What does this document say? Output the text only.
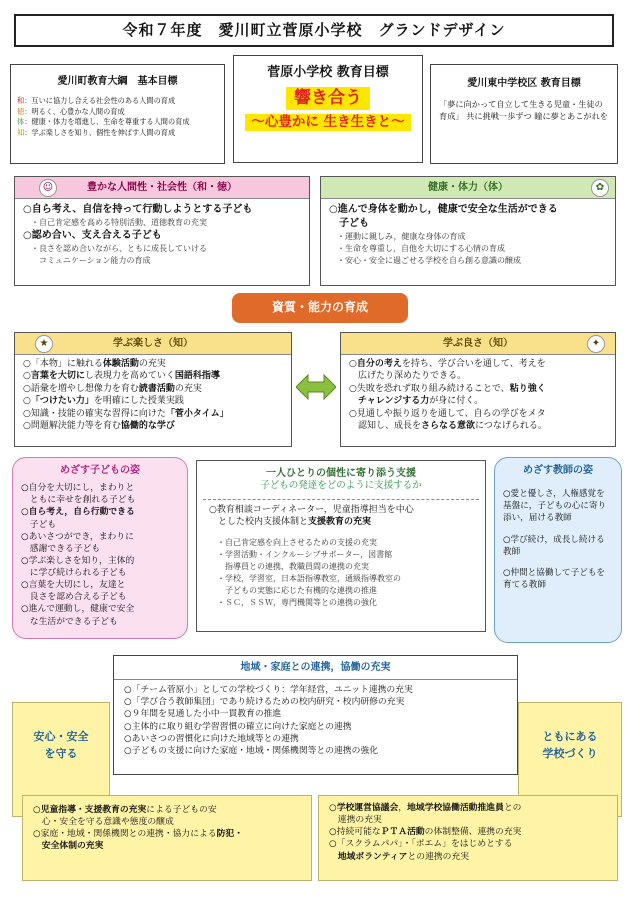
令和７年度　愛川町立菅原小学校　グランドデザイン
愛川町教育大綱　基本目標
和：互いに協力し合える社会性のある人間の育成
徳：明るく、心豊かな人間の育成
体：健康・体力を増進し、生命を尊重する人間の育成
知：学ぶ楽しさを知り、個性を伸ばす人間の育成
菅原小学校 教育目標
響き合う
～心豊かに 生き生きと～
愛川東中学校区 教育目標

「夢に向かって自立して生きる児童・生徒の育成」 共に挑戦一歩ずつ 瞳に夢とあこがれを

☺	豊かな人間性・社会性（和・徳）
○自ら考え、自信を持って行動しようとする子ども
・自己肯定感を高める特別活動、道徳教育の充実
○認め合い、支え合える子ども
・良さを認め合いながら、ともに成長していける
　コミュニケーション能力の育成
健康・体力（体）	✿
○進んで身体を動かし，健康で安全な生活ができる
　子ども
・運動に親しみ，健康な身体の育成
・生命を尊重し，自他を大切にする心情の育成
・安心・安全に過ごせる学校を自ら創る意識の醸成
資質・能力の育成
★	学ぶ楽しさ（知）
○「本物」に触れる体験活動の充実
○言葉を大切にし表現力を高めていく国語科指導
○語彙を増やし想像力を育む読書活動の充実
○「つけたい力」を明確にした授業実践
○知識・技能の確実な習得に向けた「菅小タイム」
○問題解決能力等を育む協働的な学び
学ぶ良さ（知）	✦
○自分の考えを持ち、学び合いを通して、考えを
　広げたり深めたりできる。
○失敗を恐れず取り組み続けることで、粘り強く
　チャレンジする力が身に付く。
○見通しや振り返りを通して、自らの学びをメタ
　認知し、成長をさらなる意欲につなげられる。
めざす子どもの姿
○自分を大切にし，まわりと
　ともに幸せを創れる子ども
○自ら考え，自ら行動できる
　子ども
○あいさつができ，まわりに
　感謝できる子ども
○学ぶ楽しさを知り，主体的
　に学び続けられる子ども
○言葉を大切にし，友達と
　良さを認め合える子ども
○進んで運動し，健康で安全
　な生活ができる子ども
一人ひとりの個性に寄り添う支援
子どもの発達をどのように支援するか
○教育相談コーディネーター，児童指導担当を中心
　とした校内支援体制と支援教育の充実
・自己肯定感を向上させるための支援の充実
・学習活動・インクルーシブサポーター，図書館
　指導員との連携，教職員間の連携の充実
・学校，学習室，日本語指導教室，通級指導教室の
　子どもの実態に応じた有機的な連携の推進
・ＳＣ，ＳＳＷ，専門機関等との連携の強化
めざす教師の姿
○愛と優しさ，人権感覚を基盤に，子どもの心に寄り添い，届ける教師
○学び続け，成長し続ける教師
○仲間と協働して子どもを育てる教師
安心・安全
を守る
ともにある
学校づくり
地域・家庭との連携，協働の充実
○「チーム菅原小」としての学校づくり：学年経営，ユニット連携の充実
○「学び合う教師集団」であり続けるための校内研究・校内研修の充実
○９年間を見通した小中一貫教育の推進
○主体的に取り組む学習習慣の確立に向けた家庭との連携
○あいさつの習慣化に向けた地域等との連携
○子どもの支援に向けた家庭・地域・関係機関等との連携の強化
○児童指導・支援教育の充実による子どもの安
　心・安全を守る意識や態度の醸成
○家庭・地域・関係機関との連携・協力による防犯・
　安全体制の充実
○学校運営協議会，地域学校協働活動推進員との
　連携の充実
○持続可能なＰＴＡ活動の体制整備、連携の充実
○「スクラムパパ」・「ポエム」をはじめとする
　地域ボランティアとの連携の充実
